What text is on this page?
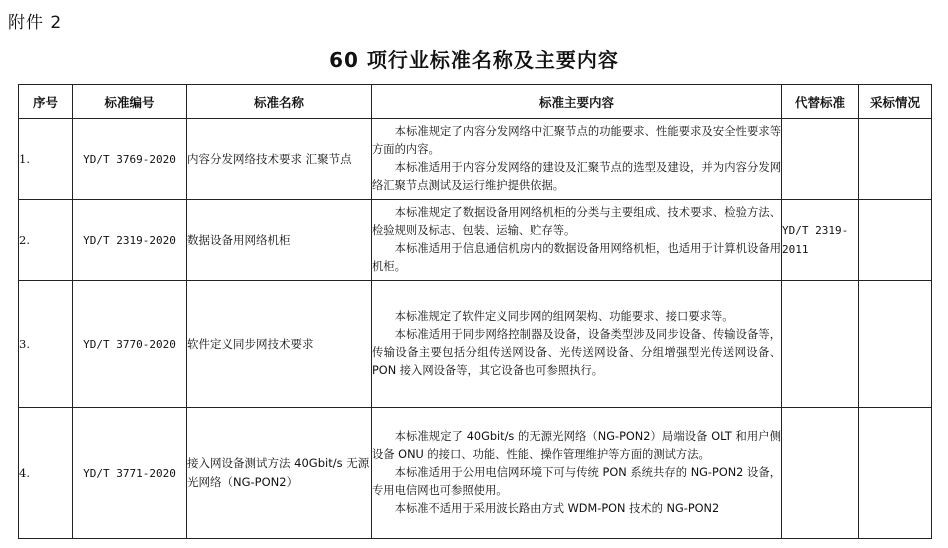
附件 2
60 项行业标准名称及主要内容
序号	标准编号	标准名称	标准主要内容	代替标准	采标情况
1.	YD/T 3769-2020	内容分发网络技术要求 汇聚节点	本标准规定了内容分发网络中汇聚节点的功能要求、性能要求及安全性要求等方面的内容。

本标准适用于内容分发网络的建设及汇聚节点的选型及建设，并为内容分发网络汇聚节点测试及运行维护提供依据。		

2.	YD/T 2319-2020	数据设备用网络机柜	本标准规定了数据设备用网络机柜的分类与主要组成、技术要求、检验方法、检验规则及标志、包装、运输、贮存等。

本标准适用于信息通信机房内的数据设备用网络机柜，也适用于计算机设备用机柜。	YD/T 2319-2011	
3.	YD/T 3770-2020	软件定义同步网技术要求	本标准规定了软件定义同步网的组网架构、功能要求、接口要求等。

本标准适用于同步网络控制器及设备，设备类型涉及同步设备、传输设备等，传输设备主要包括分组传送网设备、光传送网设备、分组增强型光传送网设备、PON 接入网设备等，其它设备也可参照执行。		

4.	YD/T 3771-2020	接入网设备测试方法 40Gbit/s 无源光网络（NG-PON2）	本标准规定了 40Gbit/s 的无源光网络（NG-PON2）局端设备 OLT 和用户侧设备 ONU 的接口、功能、性能、操作管理维护等方面的测试方法。

本标准适用于公用电信网环境下可与传统 PON 系统共存的 NG-PON2 设备，专用电信网也可参照使用。

本标准不适用于采用波长路由方式 WDM-PON 技术的 NG-PON2		
